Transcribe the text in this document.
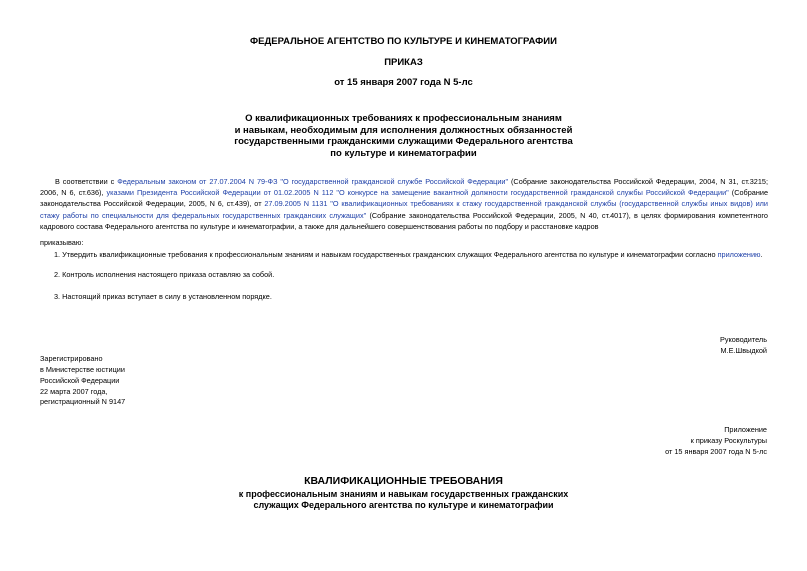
ФЕДЕРАЛЬНОЕ АГЕНТСТВО ПО КУЛЬТУРЕ И КИНЕМАТОГРАФИИ
ПРИКАЗ
от 15 января 2007 года N 5-лс
О квалификационных требованиях к профессиональным знаниям
и навыкам, необходимым для исполнения должностных обязанностей
государственными гражданскими служащими Федерального агентства
по культуре и кинематографии
В соответствии с Федеральным законом от 27.07.2004 N 79-ФЗ "О государственной гражданской службе Российской Федерации" (Собрание законодательства Российской Федерации, 2004, N 31, ст.3215; 2006, N 6, ст.636), указами Президента Российской Федерации от 01.02.2005 N 112 "О конкурсе на замещение вакантной должности государственной гражданской службы Российской Федерации" (Собрание законодательства Российской Федерации, 2005, N 6, ст.439), от 27.09.2005 N 1131 "О квалификационных требованиях к стажу государственной гражданской службы (государственной службы иных видов) или стажу работы по специальности для федеральных государственных гражданских служащих" (Собрание законодательства Российской Федерации, 2005, N 40, ст.4017), в целях формирования компетентного кадрового состава Федерального агентства по культуре и кинематографии, а также для дальнейшего совершенствования работы по подбору и расстановке кадров
приказываю:
1. Утвердить квалификационные требования к профессиональным знаниям и навыкам государственных гражданских служащих Федерального агентства по культуре и кинематографии согласно приложению.
2. Контроль исполнения настоящего приказа оставляю за собой.
3. Настоящий приказ вступает в силу в установленном порядке.
Руководитель
М.Е.Швыдкой
Зарегистрировано
в Министерстве юстиции
Российской Федерации
22 марта 2007 года,
регистрационный N 9147
Приложение
к приказу Роскультуры
от 15 января 2007 года N 5-лс
КВАЛИФИКАЦИОННЫЕ ТРЕБОВАНИЯ
к профессиональным знаниям и навыкам государственных гражданских
служащих Федерального агентства по культуре и кинематографии
